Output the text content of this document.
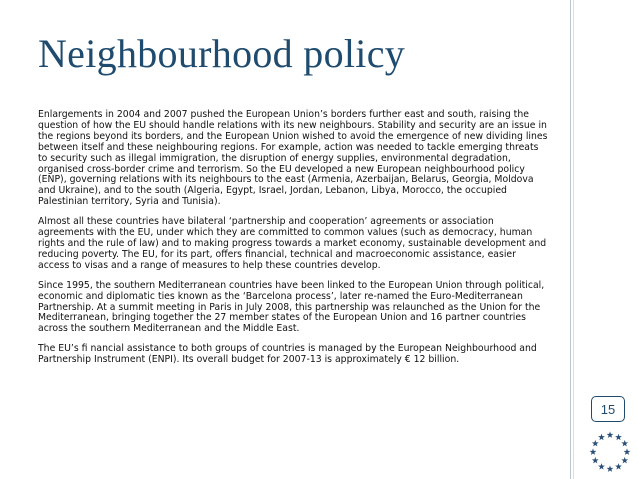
Neighbourhood policy

Enlargements in 2004 and 2007 pushed the European Union’s borders further east and south, raising the question of how the EU should handle relations with its new neighbours. Stability and security are an issue in the regions beyond its borders, and the European Union wished to avoid the emergence of new dividing lines between itself and these neighbouring regions. For example, action was needed to tackle emerging threats to security such as illegal immigration, the disruption of energy supplies, environmental degradation, organised cross-border crime and terrorism. So the EU developed a new European neighbourhood policy (ENP), governing relations with its neighbours to the east (Armenia, Azerbaijan, Belarus, Georgia, Moldova and Ukraine), and to the south (Algeria, Egypt, Israel, Jordan, Lebanon, Libya, Morocco, the occupied Palestinian territory, Syria and Tunisia).

Almost all these countries have bilateral ‘partnership and cooperation’ agreements or association agreements with the EU, under which they are committed to common values (such as democracy, human rights and the rule of law) and to making progress towards a market economy, sustainable development and reducing poverty. The EU, for its part, offers financial, technical and macroeconomic assistance, easier access to visas and a range of measures to help these countries develop.

Since 1995, the southern Mediterranean countries have been linked to the European Union through political, economic and diplomatic ties known as the ‘Barcelona process’, later re-named the Euro-Mediterranean Partnership. At a summit meeting in Paris in July 2008, this partnership was relaunched as the Union for the Mediterranean, bringing together the 27 member states of the European Union and 16 partner countries across the southern Mediterranean and the Middle East.

The EU’s fi nancial assistance to both groups of countries is managed by the European Neighbourhood and Partnership Instrument (ENPI). Its overall budget for 2007-13 is approximately € 12 billion.

15
